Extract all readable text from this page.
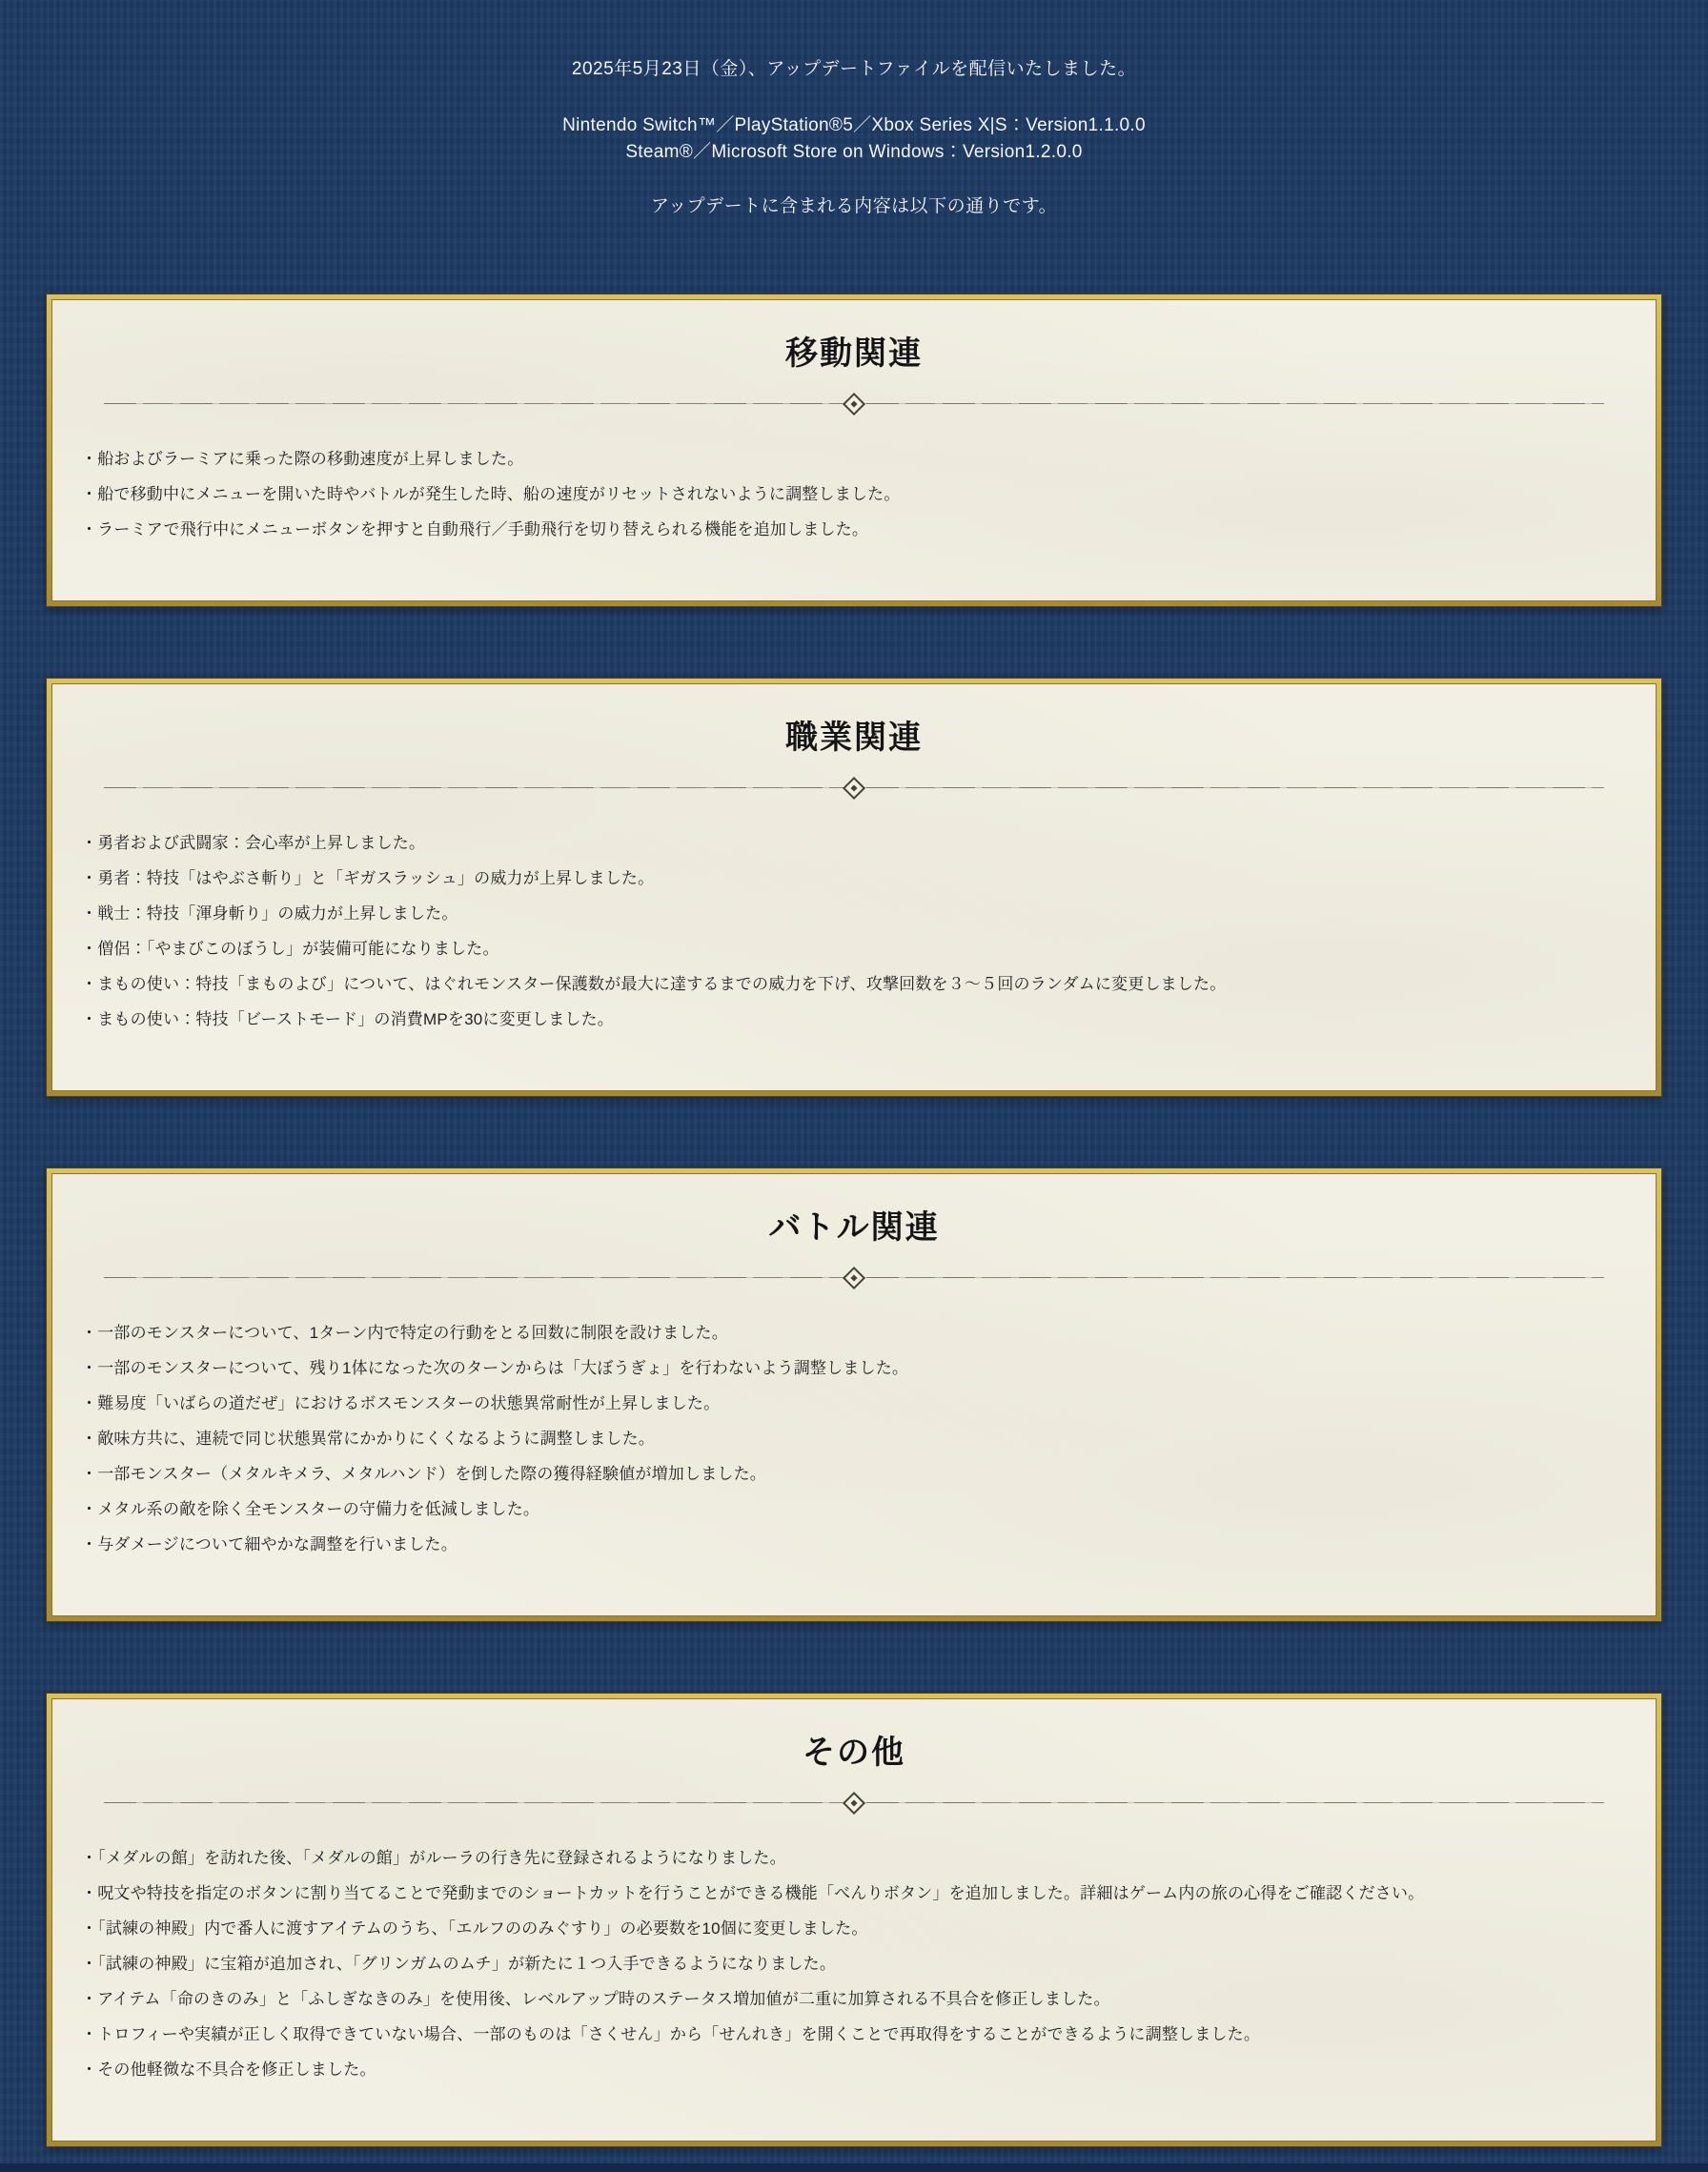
2025年5月23日（金）、アップデートファイルを配信いたしました。
Nintendo Switch™／PlayStation®5／Xbox Series X|S：Version1.1.0.0
Steam®／Microsoft Store on Windows：Version1.2.0.0
アップデートに含まれる内容は以下の通りです。
移動関連
・船およびラーミアに乗った際の移動速度が上昇しました。
・船で移動中にメニューを開いた時やバトルが発生した時、船の速度がリセットされないように調整しました。
・ラーミアで飛行中にメニューボタンを押すと自動飛行／手動飛行を切り替えられる機能を追加しました。
職業関連
・勇者および武闘家：会心率が上昇しました。
・勇者：特技「はやぶさ斬り」と「ギガスラッシュ」の威力が上昇しました。
・戦士：特技「渾身斬り」の威力が上昇しました。
・僧侶：「やまびこのぼうし」が装備可能になりました。
・まもの使い：特技「まものよび」について、はぐれモンスター保護数が最大に達するまでの威力を下げ、攻撃回数を３〜５回のランダムに変更しました。
・まもの使い：特技「ビーストモード」の消費MPを30に変更しました。
バトル関連
・一部のモンスターについて、1ターン内で特定の行動をとる回数に制限を設けました。
・一部のモンスターについて、残り1体になった次のターンからは「大ぼうぎょ」を行わないよう調整しました。
・難易度「いばらの道だぜ」におけるボスモンスターの状態異常耐性が上昇しました。
・敵味方共に、連続で同じ状態異常にかかりにくくなるように調整しました。
・一部モンスター（メタルキメラ、メタルハンド）を倒した際の獲得経験値が増加しました。
・メタル系の敵を除く全モンスターの守備力を低減しました。
・与ダメージについて細やかな調整を行いました。
その他
・「メダルの館」を訪れた後、「メダルの館」がルーラの行き先に登録されるようになりました。
・呪文や特技を指定のボタンに割り当てることで発動までのショートカットを行うことができる機能「べんりボタン」を追加しました。詳細はゲーム内の旅の心得をご確認ください。
・「試練の神殿」内で番人に渡すアイテムのうち、「エルフののみぐすり」の必要数を10個に変更しました。
・「試練の神殿」に宝箱が追加され、「グリンガムのムチ」が新たに１つ入手できるようになりました。
・アイテム「命のきのみ」と「ふしぎなきのみ」を使用後、レベルアップ時のステータス増加値が二重に加算される不具合を修正しました。
・トロフィーや実績が正しく取得できていない場合、一部のものは「さくせん」から「せんれき」を開くことで再取得をすることができるように調整しました。
・その他軽微な不具合を修正しました。
